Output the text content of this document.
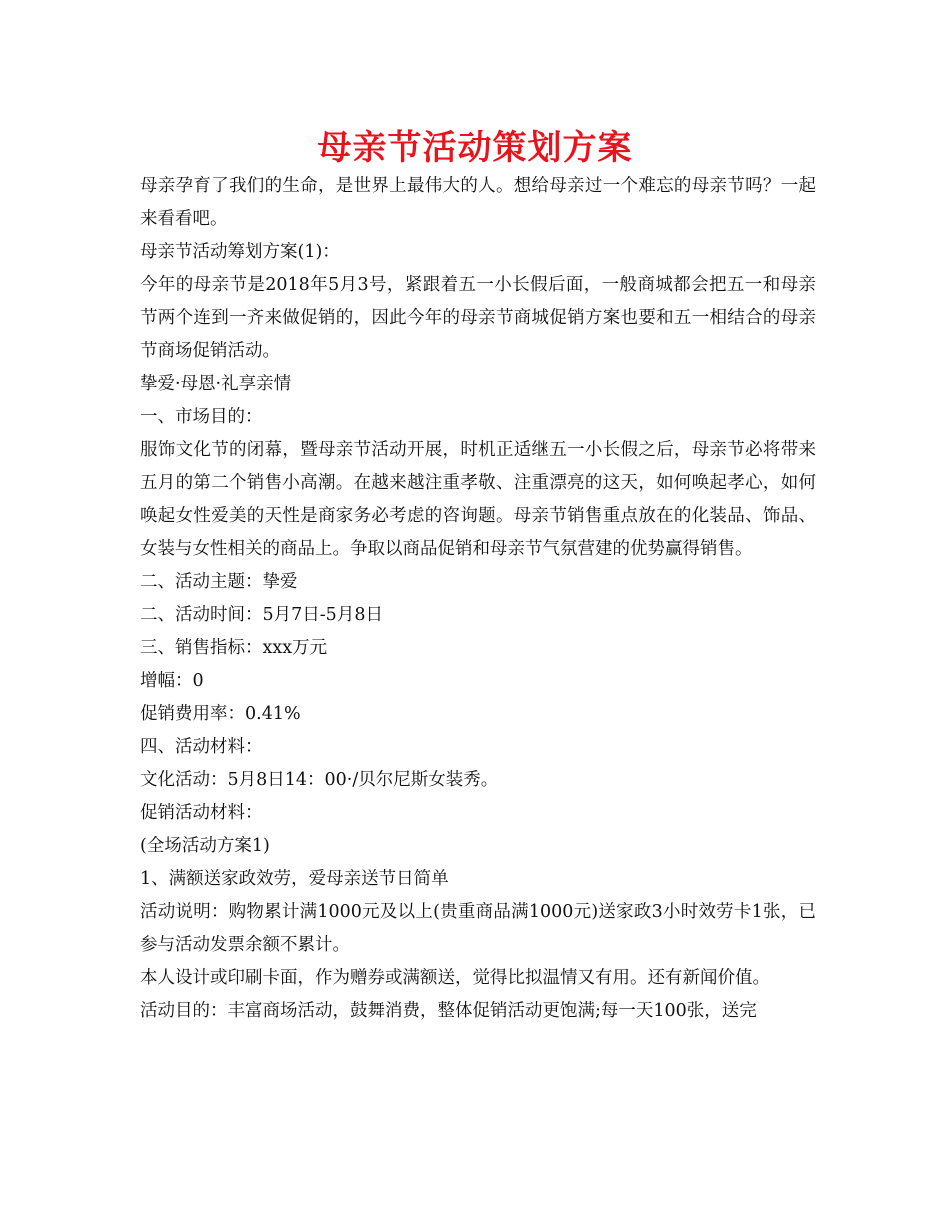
母亲节活动策划方案

母亲孕育了我们的生命，是世界上最伟大的人。想给母亲过一个难忘的母亲节吗？一起来看看吧。

母亲节活动筹划方案(1)：

今年的母亲节是2018年5月3号，紧跟着五一小长假后面，一般商城都会把五一和母亲节两个连到一齐来做促销的，因此今年的母亲节商城促销方案也要和五一相结合的母亲节商场促销活动。

挚爱·母恩·礼享亲情

一、市场目的：

服饰文化节的闭幕，暨母亲节活动开展，时机正适继五一小长假之后，母亲节必将带来五月的第二个销售小高潮。在越来越注重孝敬、注重漂亮的这天，如何唤起孝心，如何唤起女性爱美的天性是商家务必考虑的咨询题。母亲节销售重点放在的化装品、饰品、女装与女性相关的商品上。争取以商品促销和母亲节气氛营建的优势赢得销售。

二、活动主题：挚爱

二、活动时间：5月7日-5月8日

三、销售指标：xxx万元

增幅：0

促销费用率：0.41%

四、活动材料：

文化活动：5月8日14：00·/贝尔尼斯女装秀。

促销活动材料：

(全场活动方案1)

1、满额送家政效劳，爱母亲送节日简单

活动说明：购物累计满1000元及以上(贵重商品满1000元)送家政3小时效劳卡1张，已参与活动发票余额不累计。

本人设计或印刷卡面，作为赠券或满额送，觉得比拟温情又有用。还有新闻价值。

活动目的：丰富商场活动，鼓舞消费，整体促销活动更饱满;每一天100张，送完
